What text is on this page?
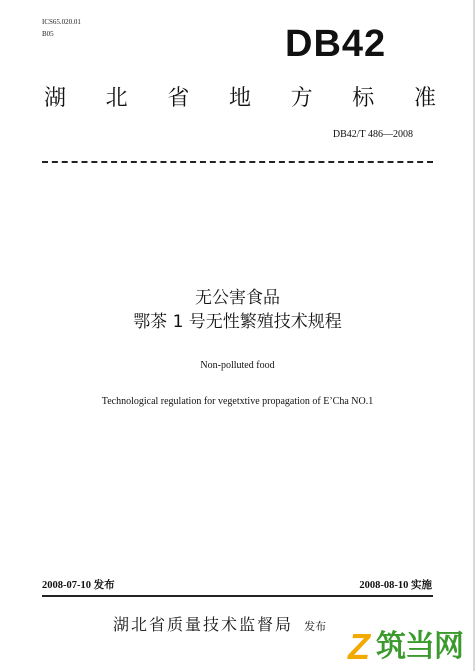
ICS65.020.01
B05	DB42
湖 北 省 地 方 标 准
DB42/T 486—2008
无公害食品
鄂茶 1 号无性繁殖技术规程
Non-polluted food
Technological regulation for vegetxtive propagation of E’Cha NO.1
2008-07-10 发布	2008-08-10 实施
湖北省质量技术监督局 发布 Z 筑当网
